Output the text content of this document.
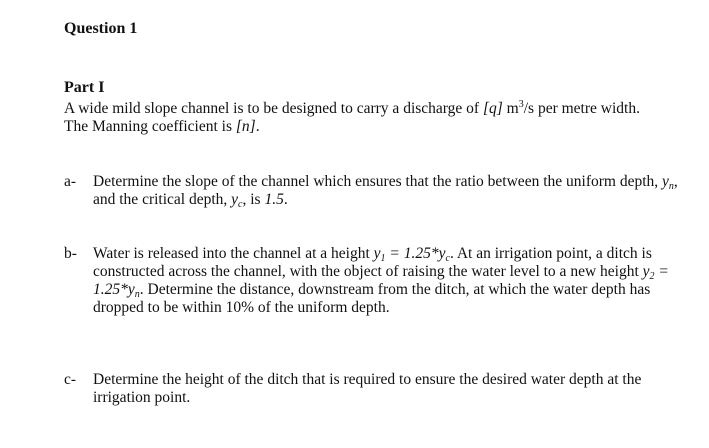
Question 1
Part I
A wide mild slope channel is to be designed to carry a discharge of [q] $m^3/s$ per metre width. The Manning coefficient is [n].
a-	Determine the slope of the channel which ensures that the ratio between the uniform depth, $y_n$, and the critical depth, $y_c$, is 1.5.
b-	Water is released into the channel at a height $y_1 = 1.25*y_c$. At an irrigation point, a ditch is constructed across the channel, with the object of raising the water level to a new height $y_2 = 1.25*y_n$. Determine the distance, downstream from the ditch, at which the water depth has dropped to be within 10% of the uniform depth.
c-	Determine the height of the ditch that is required to ensure the desired water depth at the irrigation point.
